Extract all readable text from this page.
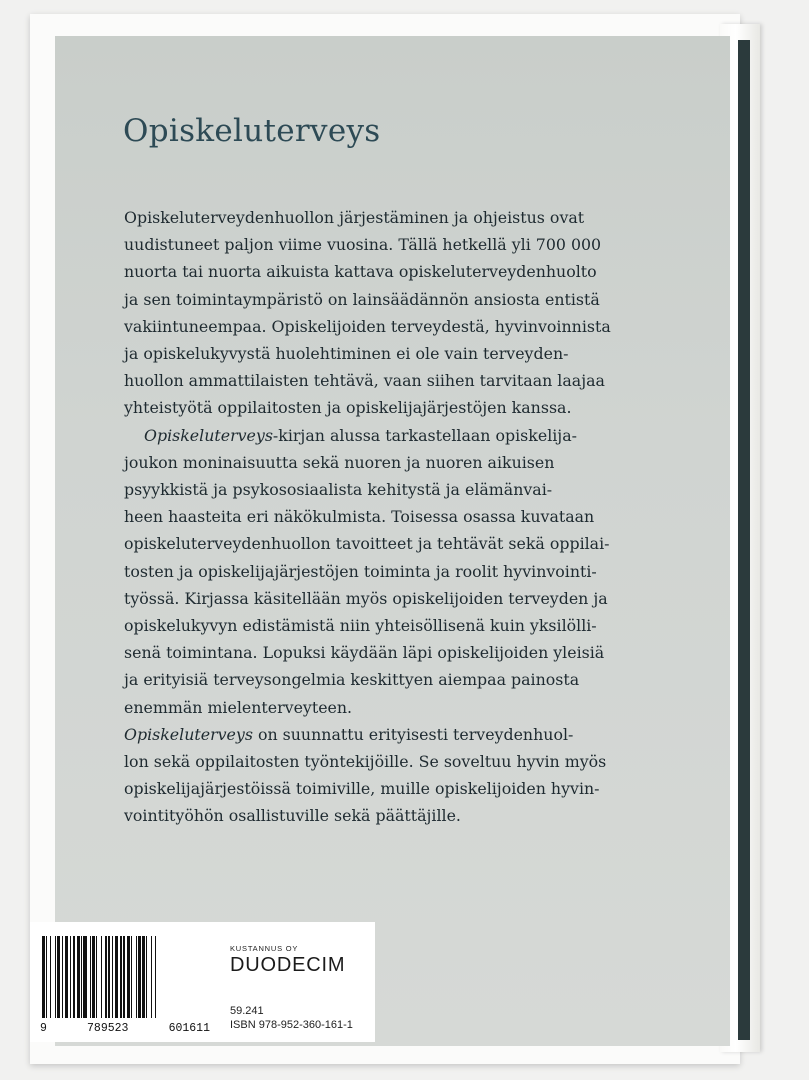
Opiskeluterveys
Opiskeluterveydenhuollon järjestäminen ja ohjeistus ovat
uudistuneet paljon viime vuosina. Tällä hetkellä yli 700 000
nuorta tai nuorta aikuista kattava opiskeluterveydenhuolto
ja sen toimintaympäristö on lainsäädännön ansiosta entistä
vakiintuneempaa. Opiskelijoiden terveydestä, hyvinvoinnista
ja opiskelukyvystä huolehtiminen ei ole vain terveyden-
huollon ammattilaisten tehtävä, vaan siihen tarvitaan laajaa
yhteistyötä oppilaitosten ja opiskelijajärjestöjen kanssa.
Opiskeluterveys-kirjan alussa tarkastellaan opiskelija-
joukon moninaisuutta sekä nuoren ja nuoren aikuisen
psyykkistä ja psykososiaalista kehitystä ja elämänvai-
heen haasteita eri näkökulmista. Toisessa osassa kuvataan
opiskeluterveydenhuollon tavoitteet ja tehtävät sekä oppilai-
tosten ja opiskelijajärjestöjen toiminta ja roolit hyvinvointi-
työssä. Kirjassa käsitellään myös opiskelijoiden terveyden ja
opiskelukyvyn edistämistä niin yhteisöllisenä kuin yksilölli-
senä toimintana. Lopuksi käydään läpi opiskelijoiden yleisiä
ja erityisiä terveysongelmia keskittyen aiempaa painosta
enemmän mielenterveyteen.
Opiskeluterveys on suunnattu erityisesti terveydenhuol-
lon sekä oppilaitosten työntekijöille. Se soveltuu hyvin myös
opiskelijajärjestöissä toimiville, muille opiskelijoiden hyvin-
vointityöhön osallistuville sekä päättäjille.
9	789523	601611
KUSTANNUS OY
DUODECIM
59.241
ISBN 978-952-360-161-1
